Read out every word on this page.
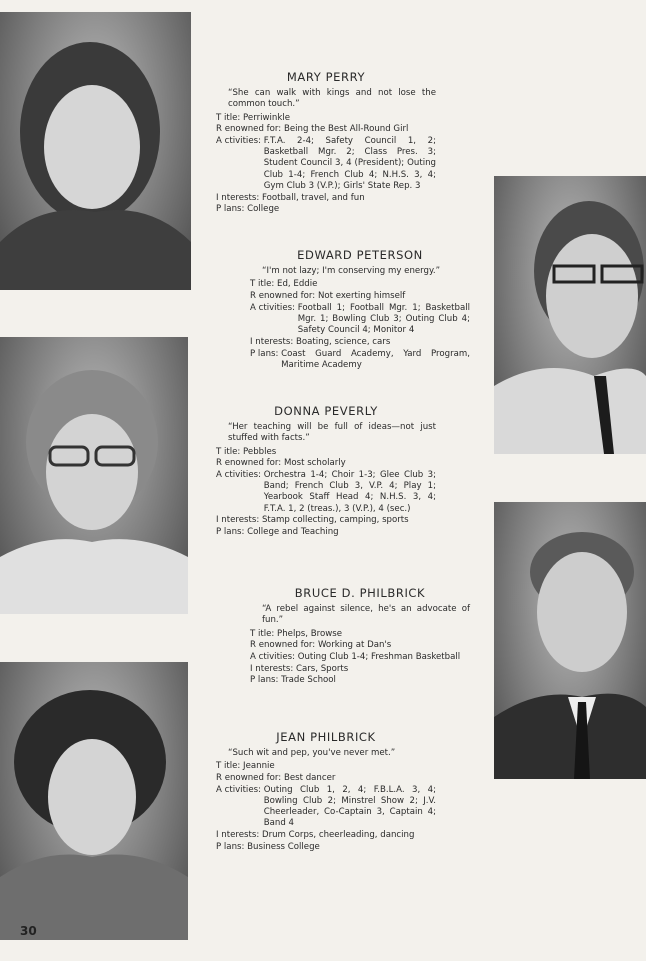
MARY PERRY
“She can walk with kings and not lose the common touch.”
T itle: Perriwinkle
R enowned for: Being the Best All-Round Girl
A ctivities: F.T.A. 2-4; Safety Council 1, 2; Basketball Mgr. 2; Class Pres. 3; Student Council 3, 4 (President); Outing Club 1-4; French Club 4; N.H.S. 3, 4; Gym Club 3 (V.P.); Girls' State Rep. 3
I nterests: Football, travel, and fun
P lans: College
EDWARD PETERSON
“I'm not lazy; I'm conserving my energy.”
T itle: Ed, Eddie
R enowned for: Not exerting himself
A ctivities: Football 1; Football Mgr. 1; Basketball Mgr. 1; Bowling Club 3; Outing Club 4; Safety Council 4; Monitor 4
I nterests: Boating, science, cars
P lans: Coast Guard Academy, Yard Program, Maritime Academy
DONNA PEVERLY
“Her teaching will be full of ideas—not just stuffed with facts.”
T itle: Pebbles
R enowned for: Most scholarly
A ctivities: Orchestra 1-4; Choir 1-3; Glee Club 3; Band; French Club 3, V.P. 4; Play 1; Yearbook Staff Head 4; N.H.S. 3, 4; F.T.A. 1, 2 (treas.), 3 (V.P.), 4 (sec.)
I nterests: Stamp collecting, camping, sports
P lans: College and Teaching
BRUCE D. PHILBRICK
“A rebel against silence, he's an advocate of fun.”
T itle: Phelps, Browse
R enowned for: Working at Dan's
A ctivities: Outing Club 1-4; Freshman Basketball
I nterests: Cars, Sports
P lans: Trade School
JEAN PHILBRICK
“Such wit and pep, you've never met.”
T itle: Jeannie
R enowned for: Best dancer
A ctivities: Outing Club 1, 2, 4; F.B.L.A. 3, 4; Bowling Club 2; Minstrel Show 2; J.V. Cheerleader, Co-Captain 3, Captain 4; Band 4
I nterests: Drum Corps, cheerleading, dancing
P lans: Business College
30
